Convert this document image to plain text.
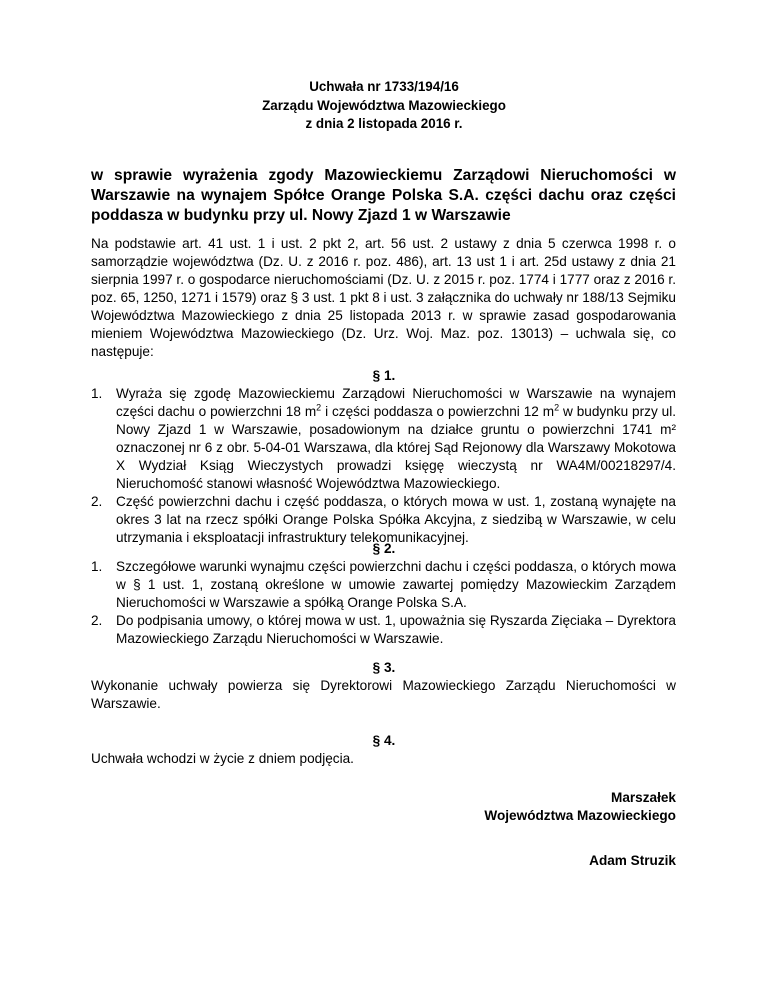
Uchwała nr 1733/194/16
Zarządu Województwa Mazowieckiego
z dnia 2 listopada 2016 r.
w sprawie wyrażenia zgody Mazowieckiemu Zarządowi Nieruchomości w Warszawie na wynajem Spółce Orange Polska S.A. części dachu oraz części poddasza w budynku przy ul. Nowy Zjazd 1 w Warszawie
Na podstawie art. 41 ust. 1 i ust. 2 pkt 2, art. 56 ust. 2 ustawy z dnia 5 czerwca 1998 r. o samorządzie województwa (Dz. U. z 2016 r. poz. 486), art. 13 ust 1 i art. 25d ustawy z dnia 21 sierpnia 1997 r. o gospodarce nieruchomościami (Dz. U. z 2015 r. poz. 1774 i 1777 oraz z 2016 r. poz. 65, 1250, 1271 i 1579) oraz § 3 ust. 1 pkt 8 i ust. 3 załącznika do uchwały nr 188/13 Sejmiku Województwa Mazowieckiego z dnia 25 listopada 2013 r. w sprawie zasad gospodarowania mieniem Województwa Mazowieckiego (Dz. Urz. Woj. Maz. poz. 13013) – uchwala się, co następuje:
§ 1.
1. Wyraża się zgodę Mazowieckiemu Zarządowi Nieruchomości w Warszawie na wynajem części dachu o powierzchni 18 $m^2$ i części poddasza o powierzchni 12 $m^2$ w budynku przy ul. Nowy Zjazd 1 w Warszawie, posadowionym na działce gruntu o powierzchni 1741 m² oznaczonej nr 6 z obr. 5-04-01 Warszawa, dla której Sąd Rejonowy dla Warszawy Mokotowa X Wydział Ksiąg Wieczystych prowadzi księgę wieczystą nr WA4M/00218297/4. Nieruchomość stanowi własność Województwa Mazowieckiego.
2. Część powierzchni dachu i część poddasza, o których mowa w ust. 1, zostaną wynajęte na okres 3 lat na rzecz spółki Orange Polska Spółka Akcyjna, z siedzibą w Warszawie, w celu utrzymania i eksploatacji infrastruktury telekomunikacyjnej.
§ 2.
1. Szczegółowe warunki wynajmu części powierzchni dachu i części poddasza, o których mowa w § 1 ust. 1, zostaną określone w umowie zawartej pomiędzy Mazowieckim Zarządem Nieruchomości w Warszawie a spółką Orange Polska S.A.
2. Do podpisania umowy, o której mowa w ust. 1, upoważnia się Ryszarda Zięciaka – Dyrektora Mazowieckiego Zarządu Nieruchomości w Warszawie.
§ 3.
Wykonanie uchwały powierza się Dyrektorowi Mazowieckiego Zarządu Nieruchomości w Warszawie.
§ 4.
Uchwała wchodzi w życie z dniem podjęcia.
Marszałek
Województwa Mazowieckiego
Adam Struzik
